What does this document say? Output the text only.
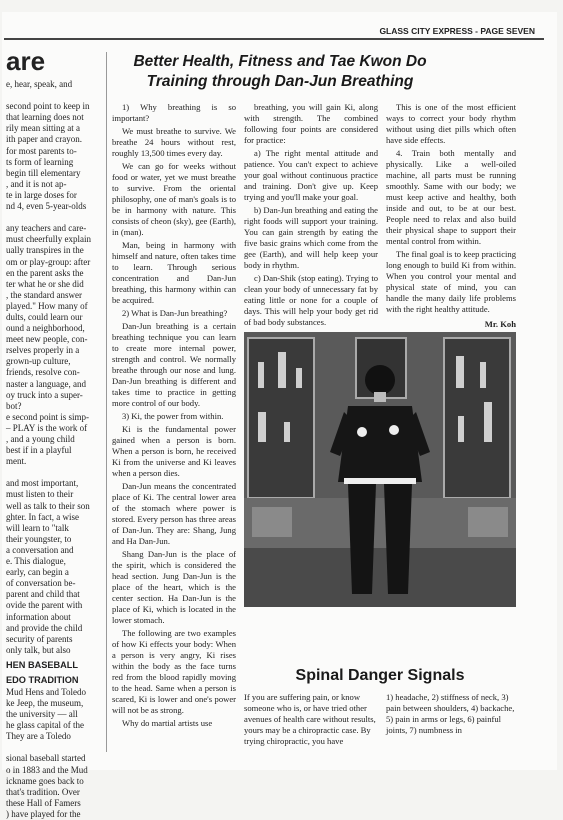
GLASS CITY EXPRESS - PAGE SEVEN
are
e, hear, speak, and

second point to keep in
that learning does not
rily mean sitting at a
ith paper and crayon.
for most parents to-
ts form of learning
begin till elementary
, and it is not ap-
te in large doses for
nd 4, even 5-year-olds

any teachers and care-
must cheerfully explain
ually transpires in the
om or play-group: after
en the parent asks the
ter what he or she did
, the standard answer
played." How many of
dults, could learn our
ound a neighborhood,
meet new people, con-
rselves properly in a
grown-up culture,
friends, resolve con-
naster a language, and
oy truck into a super-
bot?
e second point is simp-
– PLAY is the work of
, and a young child
best if in a playful
ment.

and most important,
must listen to their
well as talk to their son
ghter. In fact, a wise
will learn to "talk
their youngster, to
a conversation and
e. This dialogue,
early, can begin a
of conversation be-
parent and child that
ovide the parent with
information about
and provide the child
security of parents
only talk, but also
HEN BASEBALL
EDO TRADITION
Mud Hens and Toledo
ke Jeep, the museum,
the university — all
he glass capital of the
They are a Toledo

sional baseball started
o in 1883 and the Mud
ickname goes back to
that's tradition. Over
these Hall of Famers
) have played for the
Better Health, Fitness and Tae Kwon Do Training through Dan-Jun Breathing

1) Why breathing is so important?

We must breathe to survive. We breathe 24 hours without rest, roughly 13,500 times every day.

We can go for weeks without food or water, yet we must breathe to survive. From the oriental philosophy, one of man's goals is to be in harmony with nature. This consists of cheon (sky), gee (Earth), in (man).

Man, being in harmony with himself and nature, often takes time to learn. Through serious concentration and Dan-Jun breathing, this harmony within can be acquired.

2) What is Dan-Jun breathing?

Dan-Jun breathing is a certain breathing technique you can learn to create more internal power, strength and control. We normally breathe through our nose and lung. Dan-Jun breathing is different and takes time to practice in getting more control of our body.

3) Ki, the power from within.

Ki is the fundamental power gained when a person is born. When a person is born, he received Ki from the universe and Ki leaves when a person dies.

Dan-Jun means the concentrated place of Ki. The central lower area of the stomach where power is stored. Every person has three areas of Dan-Jun. They are: Shang, Jung and Ha Dan-Jun.

Shang Dan-Jun is the place of the spirit, which is considered the head section. Jung Dan-Jun is the place of the heart, which is the center section. Ha Dan-Jun is the place of Ki, which is located in the lower stomach.

The following are two examples of how Ki effects your body: When a person is very angry, Ki rises within the body as the face turns red from the blood rapidly moving to the head. Same when a person is scared, Ki is lower and one's power will not be as strong.

Why do martial artists use

breathing, you will gain Ki, along with strength. The combined following four points are considered for practice:

a) The right mental attitude and patience. You can't expect to achieve your goal without continuous practice and training. Don't give up. Keep trying and you'll make your goal.

b) Dan-Jun breathing and eating the right foods will support your training. You can gain strength by eating the five basic grains which come from the gee (Earth), and will help keep your body in rhythm.

c) Dan-Shik (stop eating). Trying to clean your body of unnecessary fat by eating little or none for a couple of days. This will help your body get rid of bad body substances.

This is one of the most efficient ways to correct your body rhythm without using diet pills which often have side effects.

4. Train both mentally and physically. Like a well-oiled machine, all parts must be running smoothly. Same with our body; we must keep active and healthy, both inside and out, to be at our best. People need to relax and also build their physical shape to support their mental control from within.

The final goal is to keep practicing long enough to build Ki from within. When you control your mental and physical state of mind, you can handle the many daily life problems with the right healthy attitude.

Mr. Koh
Spinal Danger Signals

If you are suffering pain, or know someone who is, or have tried other avenues of health care without results, yours may be a chiropractic case. By trying chiropractic, you have

1) headache, 2) stiffness of neck, 3) pain between shoulders, 4) backache, 5) pain in arms or legs, 6) painful joints, 7) numbness in
